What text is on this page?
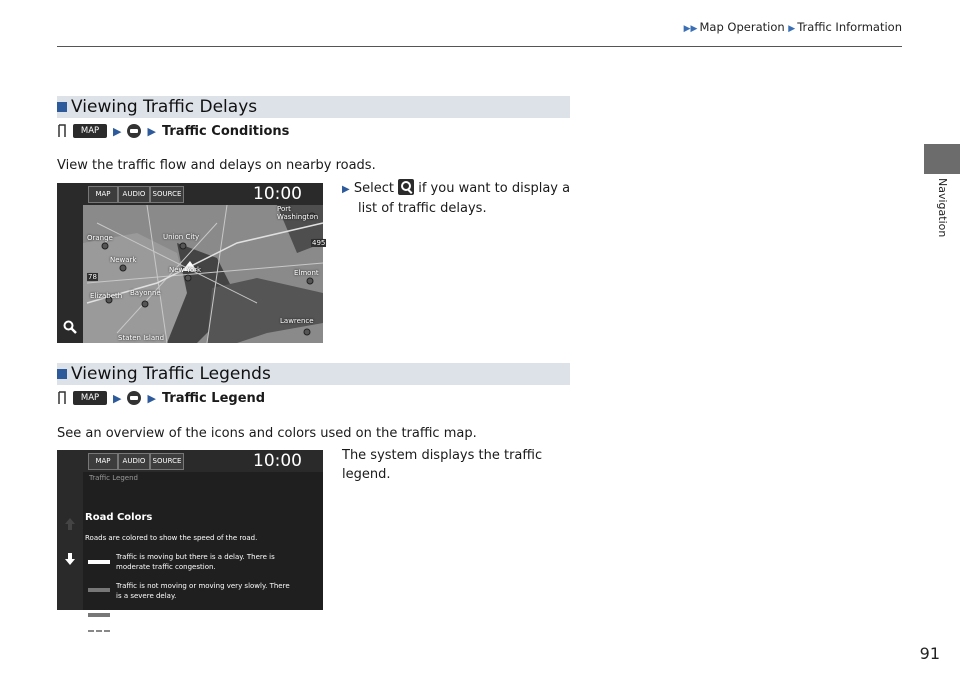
▶▶ Map Operation ▶ Traffic Information
Navigation
Viewing Traffic Delays
MAP	▶ ▶ Traffic Conditions
View the traffic flow and delays on nearby roads.
▶ Select if you want to display a
list of traffic delays.
MAP	AUDIO	SOURCE	10:00
Orange	Union City
Newark
New York	Elmont
Elizabeth Bayonne
Lawrence
Staten Island
Port Washington
78
495
Viewing Traffic Legends
MAP	▶ ▶ Traffic Legend
See an overview of the icons and colors used on the traffic map.
The system displays the traffic
legend.
MAP	AUDIO	SOURCE	10:00
Traffic Legend
Road Colors
Roads are colored to show the speed of the road.
Traffic is moving but there is a delay. There is
moderate traffic congestion.
Traffic is not moving or moving very slowly. There
is a severe delay.
There is a traffic incident. No delay was reported.
There is a construction zone.
91
